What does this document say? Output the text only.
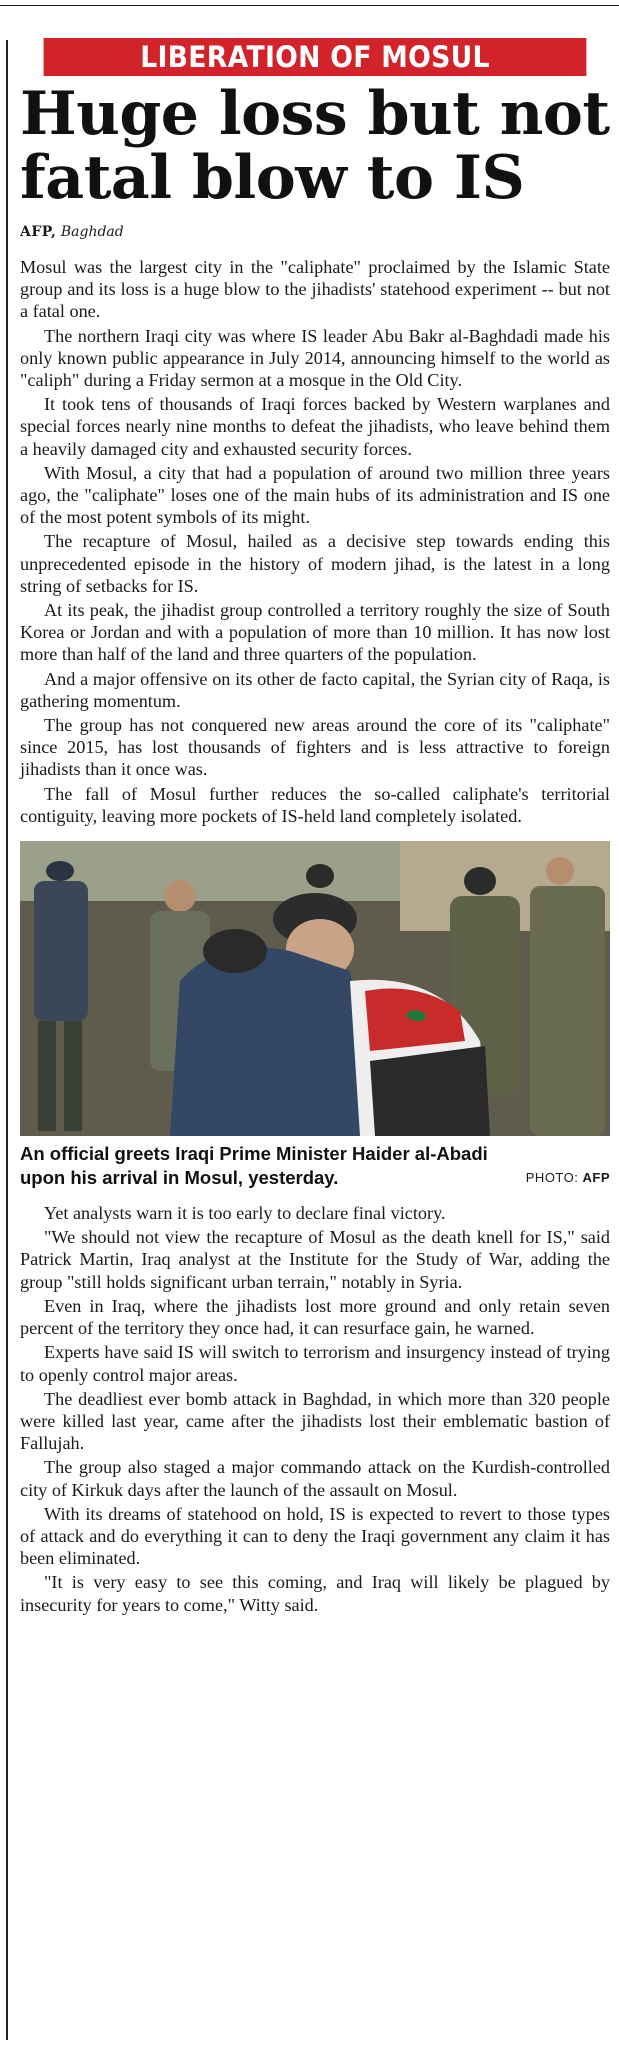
LIBERATION OF MOSUL
Huge loss but not fatal blow to IS
AFP, Baghdad

Mosul was the largest city in the "caliphate" proclaimed by the Islamic State group and its loss is a huge blow to the jihadists' statehood experiment -- but not a fatal one.

The northern Iraqi city was where IS leader Abu Bakr al-Baghdadi made his only known public appearance in July 2014, announcing himself to the world as "caliph" during a Friday sermon at a mosque in the Old City.

It took tens of thousands of Iraqi forces backed by Western warplanes and special forces nearly nine months to defeat the jihadists, who leave behind them a heavily damaged city and exhausted security forces.

With Mosul, a city that had a population of around two million three years ago, the "caliphate" loses one of the main hubs of its administration and IS one of the most potent symbols of its might.

The recapture of Mosul, hailed as a decisive step towards ending this unprecedented episode in the history of modern jihad, is the latest in a long string of setbacks for IS.

At its peak, the jihadist group controlled a territory roughly the size of South Korea or Jordan and with a population of more than 10 million. It has now lost more than half of the land and three quarters of the population.

And a major offensive on its other de facto capital, the Syrian city of Raqa, is gathering momentum.

The group has not conquered new areas around the core of its "caliphate" since 2015, has lost thousands of fighters and is less attractive to foreign jihadists than it once was.

The fall of Mosul further reduces the so-called caliphate's territorial contiguity, leaving more pockets of IS-held land completely isolated.

An official greets Iraqi Prime Minister Haider al-Abadi upon his arrival in Mosul, yesterday.	PHOTO: AFP

Yet analysts warn it is too early to declare final victory.

"We should not view the recapture of Mosul as the death knell for IS," said Patrick Martin, Iraq analyst at the Institute for the Study of War, adding the group "still holds significant urban terrain," notably in Syria.

Even in Iraq, where the jihadists lost more ground and only retain seven percent of the territory they once had, it can resurface gain, he warned.

Experts have said IS will switch to terrorism and insurgency instead of trying to openly control major areas.

The deadliest ever bomb attack in Baghdad, in which more than 320 people were killed last year, came after the jihadists lost their emblematic bastion of Fallujah.

The group also staged a major commando attack on the Kurdish-controlled city of Kirkuk days after the launch of the assault on Mosul.

With its dreams of statehood on hold, IS is expected to revert to those types of attack and do everything it can to deny the Iraqi government any claim it has been eliminated.

"It is very easy to see this coming, and Iraq will likely be plagued by insecurity for years to come," Witty said.
